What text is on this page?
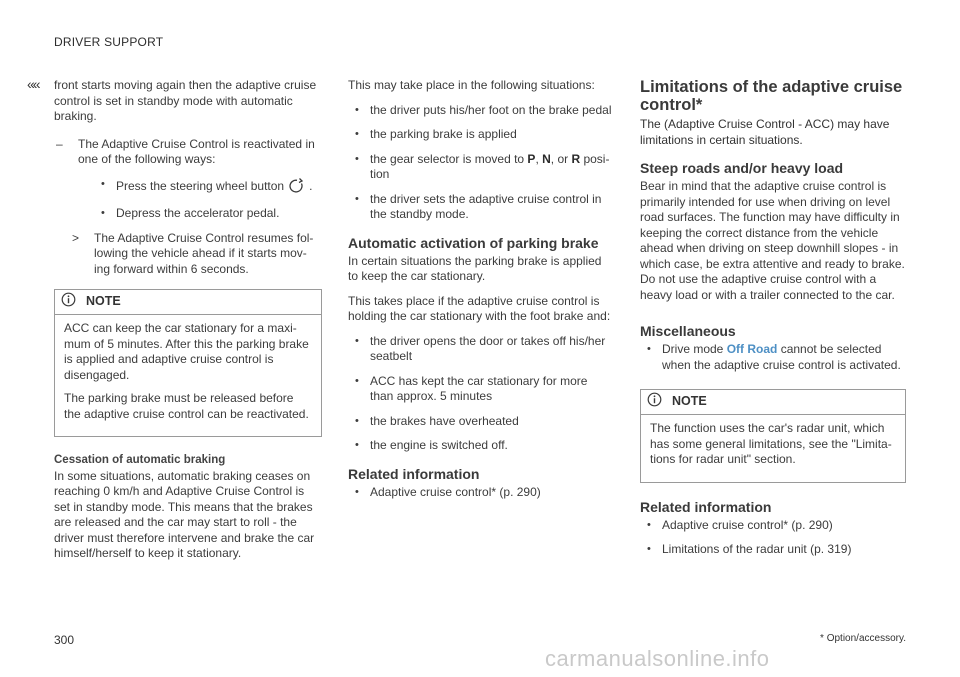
DRIVER SUPPORT
«« front starts moving again then the adaptive cruise control is set in standby mode with automatic braking.

– The Adaptive Cruise Control is reactivated in one of the following ways:
• Press the steering wheel button .
• Depress the accelerator pedal.
> The Adaptive Cruise Control resumes fol-lowing the vehicle ahead if it starts mov-ing forward within 6 seconds.
NOTE

ACC can keep the car stationary for a maxi-mum of 5 minutes. After this the parking brake is applied and adaptive cruise control is disengaged.

The parking brake must be released before the adaptive cruise control can be reactivated.

Cessation of automatic braking

In some situations, automatic braking ceases on reaching 0 km/h and Adaptive Cruise Control is set in standby mode. This means that the brakes are released and the car may start to roll - the driver must therefore intervene and brake the car himself/herself to keep it stationary.

This may take place in the following situations:

• the driver puts his/her foot on the brake pedal
• the parking brake is applied
• the gear selector is moved to P, N, or R posi-tion
• the driver sets the adaptive cruise control in the standby mode.
Automatic activation of parking brake

In certain situations the parking brake is applied to keep the car stationary.

This takes place if the adaptive cruise control is holding the car stationary with the foot brake and:

• the driver opens the door or takes off his/her seatbelt
• ACC has kept the car stationary for more than approx. 5 minutes
• the brakes have overheated
• the engine is switched off.
Related information
• Adaptive cruise control* (p. 290)
Limitations of the adaptive cruise control*

The (Adaptive Cruise Control - ACC) may have limitations in certain situations.

Steep roads and/or heavy load

Bear in mind that the adaptive cruise control is primarily intended for use when driving on level road surfaces. The function may have difficulty in keeping the correct distance from the vehicle ahead when driving on steep downhill slopes - in which case, be extra attentive and ready to brake. Do not use the adaptive cruise control with a heavy load or with a trailer connected to the car.

Miscellaneous
• Drive mode Off Road cannot be selected when the adaptive cruise control is activated.
NOTE

The function uses the car's radar unit, which has some general limitations, see the "Limita-tions for radar unit" section.

Related information
• Adaptive cruise control* (p. 290)
• Limitations of the radar unit (p. 319)
300	* Option/accessory.
carmanualsonline.info
